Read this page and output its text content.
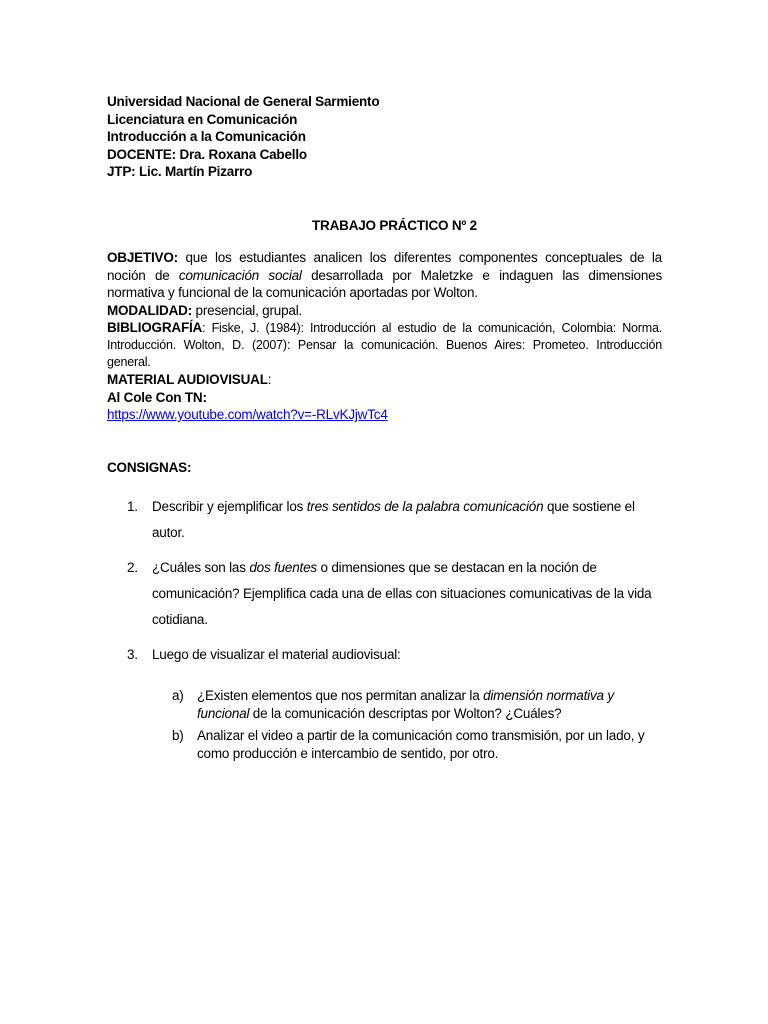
Universidad Nacional de General Sarmiento
Licenciatura en Comunicación
Introducción a la Comunicación
DOCENTE: Dra. Roxana Cabello
JTP: Lic. Martín Pizarro
TRABAJO PRÁCTICO Nº 2
OBJETIVO: que los estudiantes analicen los diferentes componentes conceptuales de la noción de comunicación social desarrollada por Maletzke e indaguen las dimensiones normativa y funcional de la comunicación aportadas por Wolton.
MODALIDAD: presencial, grupal.
BIBLIOGRAFÍA: Fiske, J. (1984): Introducción al estudio de la comunicación, Colombia: Norma. Introducción. Wolton, D. (2007): Pensar la comunicación. Buenos Aires: Prometeo. Introducción general.
MATERIAL AUDIOVISUAL:
Al Cole Con TN:
https://www.youtube.com/watch?v=-RLvKJjwTc4
CONSIGNAS:
1. Describir y ejemplificar los tres sentidos de la palabra comunicación que sostiene el autor.
2. ¿Cuáles son las dos fuentes o dimensiones que se destacan en la noción de comunicación? Ejemplifica cada una de ellas con situaciones comunicativas de la vida cotidiana.
3. Luego de visualizar el material audiovisual:
a) ¿Existen elementos que nos permitan analizar la dimensión normativa y funcional de la comunicación descriptas por Wolton? ¿Cuáles?
b) Analizar el video a partir de la comunicación como transmisión, por un lado, y como producción e intercambio de sentido, por otro.
